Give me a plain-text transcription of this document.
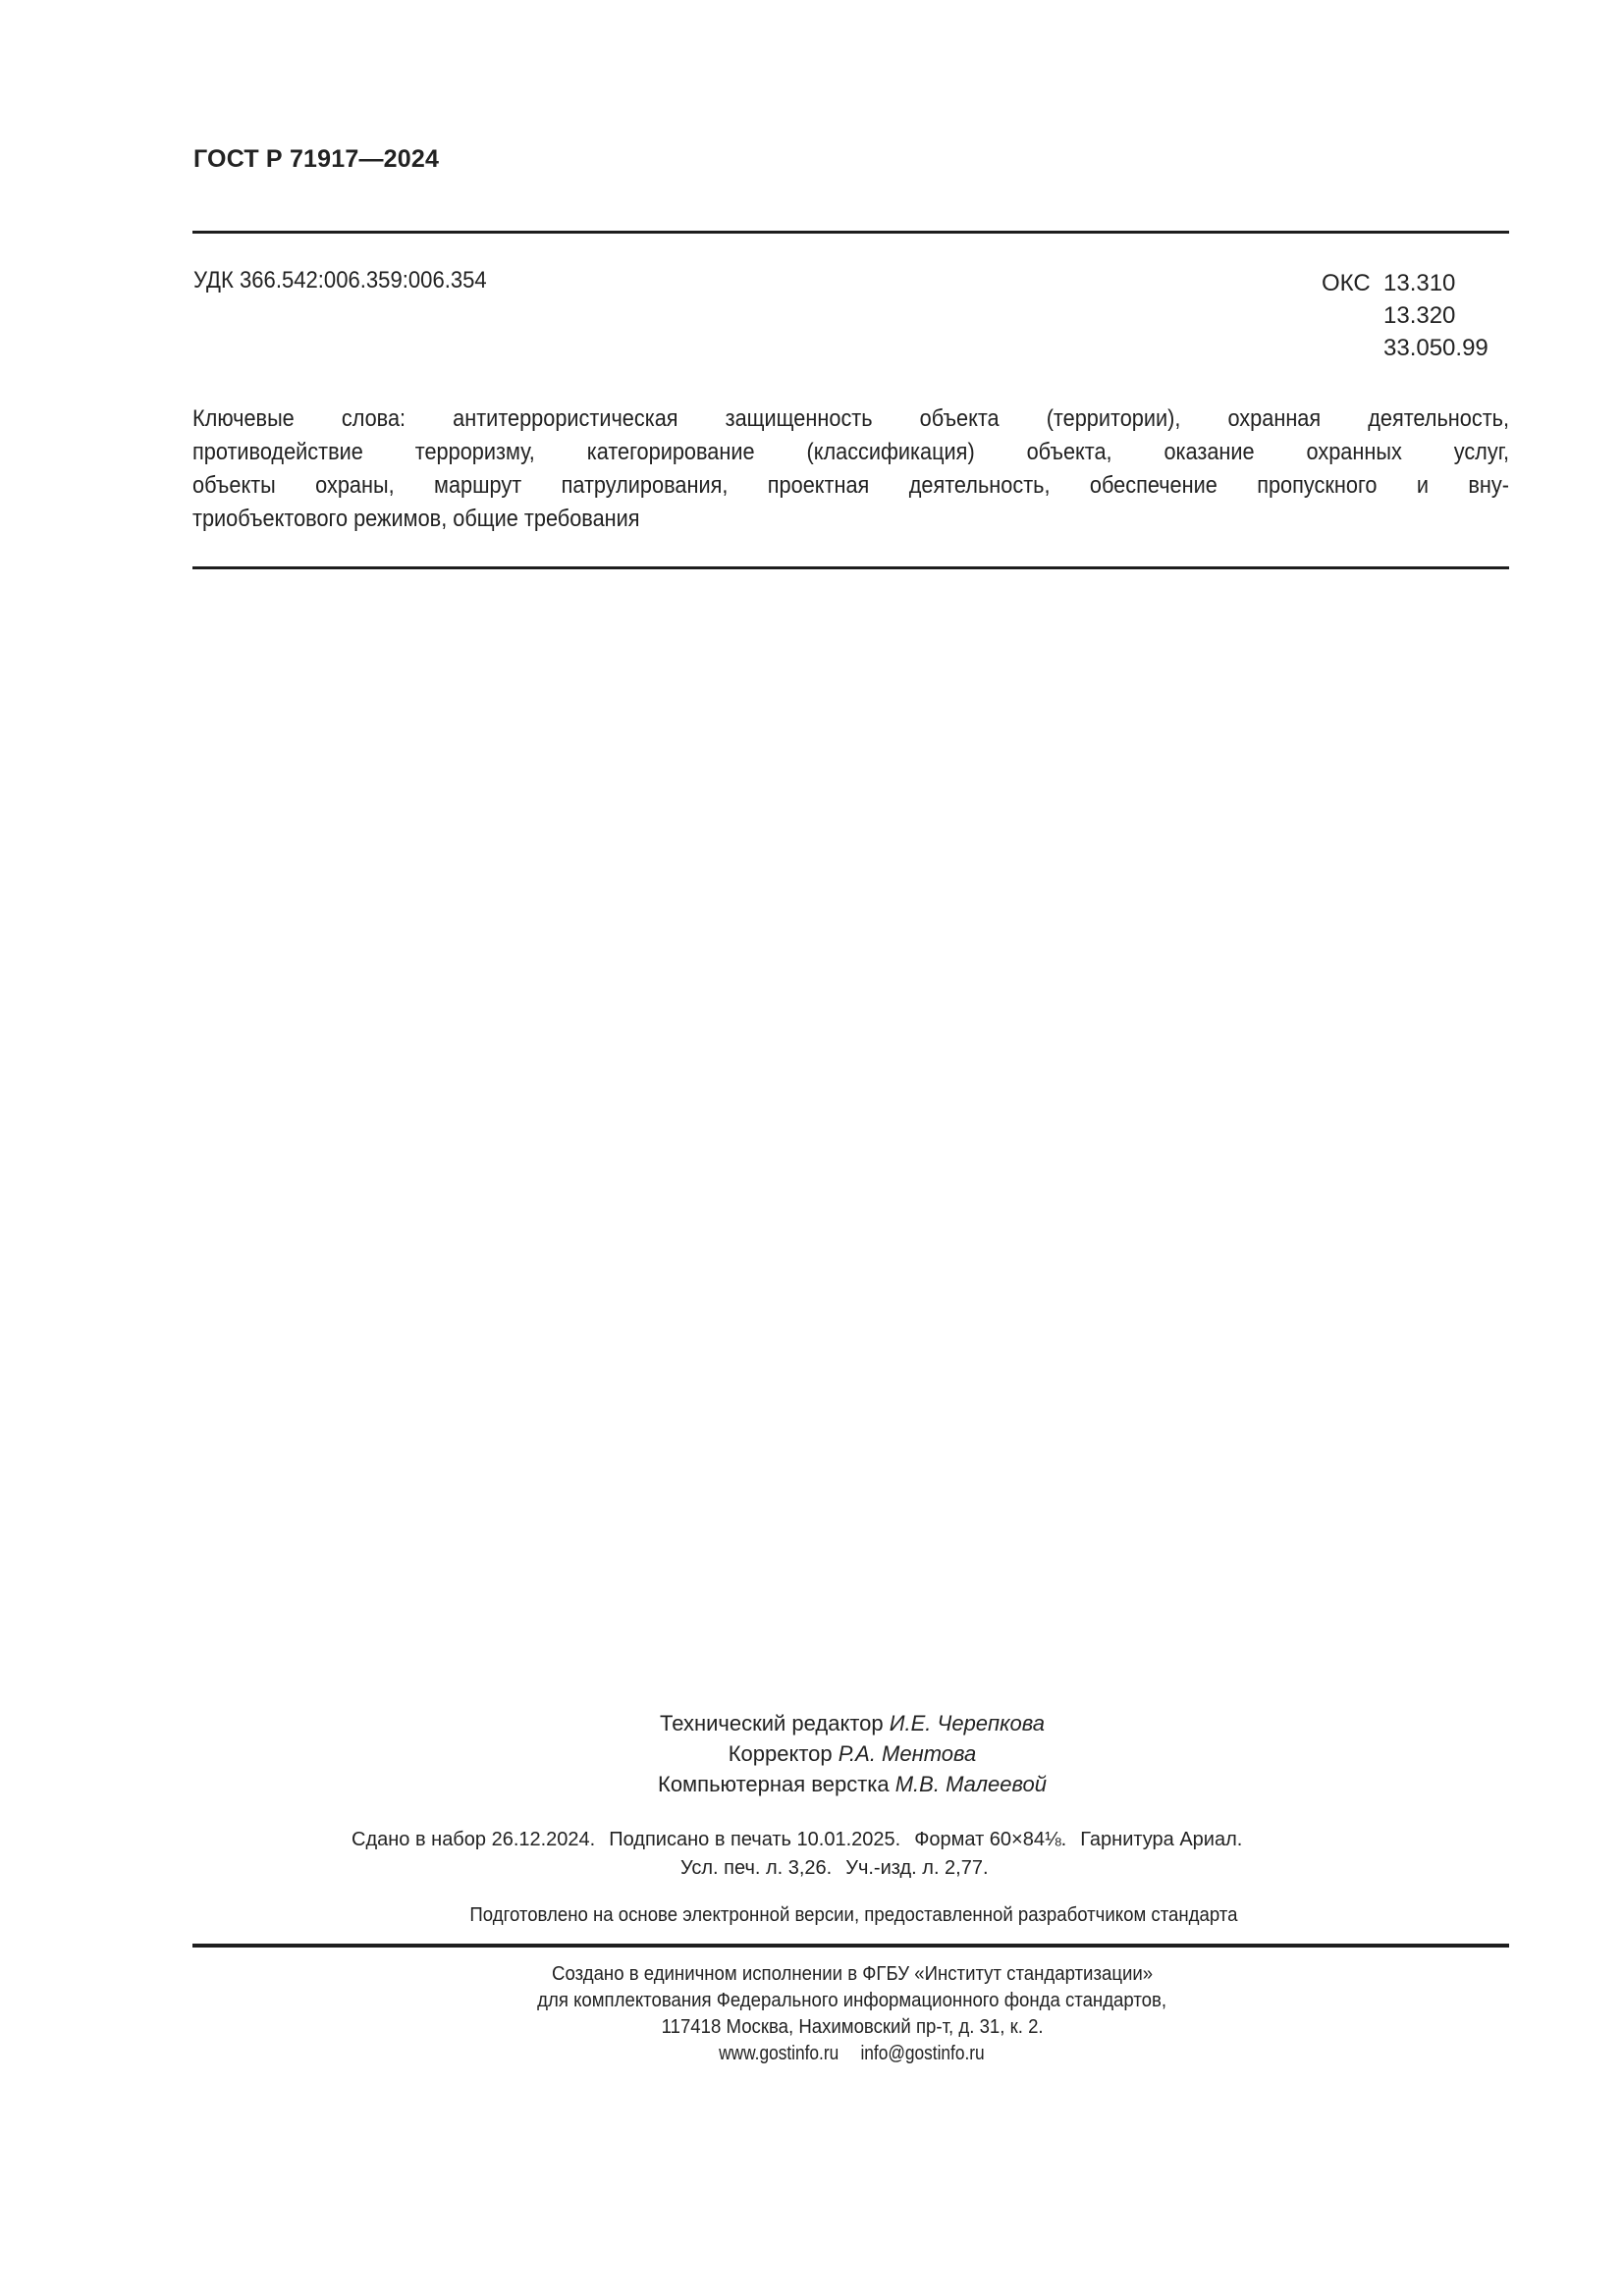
ГОСТ Р 71917—2024
УДК 366.542:006.359:006.354	ОКС 13.310
13.320
33.050.99
Ключевые слова: антитеррористическая защищенность объекта (территории), охранная деятельность,
противодействие терроризму, категорирование (классификация) объекта, оказание охранных услуг,
объекты охраны, маршрут патрулирования, проектная деятельность, обеспечение пропускного и вну-
триобъектового режимов, общие требования
Технический редактор И.Е. Черепкова
Корректор Р.А. Ментова
Компьютерная верстка М.В. Малеевой
Сдано в набор 26.12.2024. Подписано в печать 10.01.2025. Формат 60×84⅛. Гарнитура Ариал.
Усл. печ. л. 3,26. Уч.-изд. л. 2,77.
Подготовлено на основе электронной версии, предоставленной разработчиком стандарта
Создано в единичном исполнении в ФГБУ «Институт стандартизации»
для комплектования Федерального информационного фонда стандартов,
117418 Москва, Нахимовский пр-т, д. 31, к. 2.
www.gostinfo.ru info@gostinfo.ru
